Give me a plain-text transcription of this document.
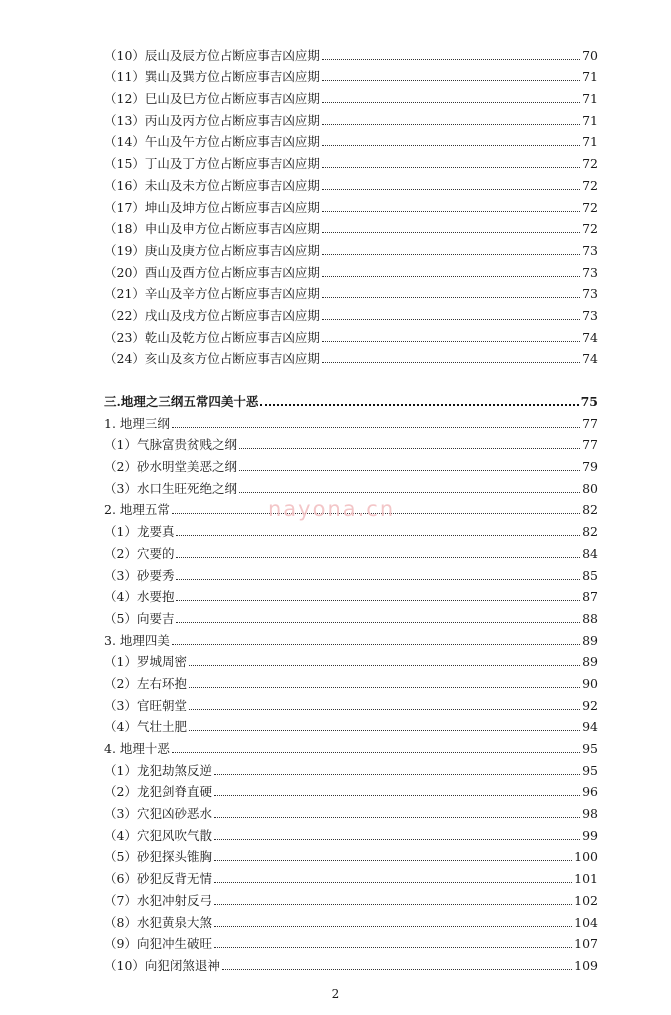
（10）辰山及辰方位占断应事吉凶应期	70
（11）巽山及巽方位占断应事吉凶应期	71
（12）巳山及巳方位占断应事吉凶应期	71
（13）丙山及丙方位占断应事吉凶应期	71
（14）午山及午方位占断应事吉凶应期	71
（15）丁山及丁方位占断应事吉凶应期	72
（16）未山及未方位占断应事吉凶应期	72
（17）坤山及坤方位占断应事吉凶应期	72
（18）申山及申方位占断应事吉凶应期	72
（19）庚山及庚方位占断应事吉凶应期	73
（20）酉山及酉方位占断应事吉凶应期	73
（21）辛山及辛方位占断应事吉凶应期	73
（22）戌山及戌方位占断应事吉凶应期	73
（23）乾山及乾方位占断应事吉凶应期	74
（24）亥山及亥方位占断应事吉凶应期	74
三.地理之三纲五常四美十恶	75
1. 地理三纲	77
（1）气脉富贵贫贱之纲	77
（2）砂水明堂美恶之纲	79
（3）水口生旺死绝之纲	80
2. 地理五常	82
（1）龙要真	82
（2）穴要的	84
（3）砂要秀	85
（4）水要抱	87
（5）向要吉	88
3. 地理四美	89
（1）罗城周密	89
（2）左右环抱	90
（3）官旺朝堂	92
（4）气壮土肥	94
4. 地理十恶	95
（1）龙犯劫煞反逆	95
（2）龙犯剑脊直硬	96
（3）穴犯凶砂恶水	98
（4）穴犯风吹气散	99
（5）砂犯探头锥胸	100
（6）砂犯反背无情	101
（7）水犯冲射反弓	102
（8）水犯黄泉大煞	104
（9）向犯冲生破旺	107
（10）向犯闭煞退神	109
nayona.cn
2
